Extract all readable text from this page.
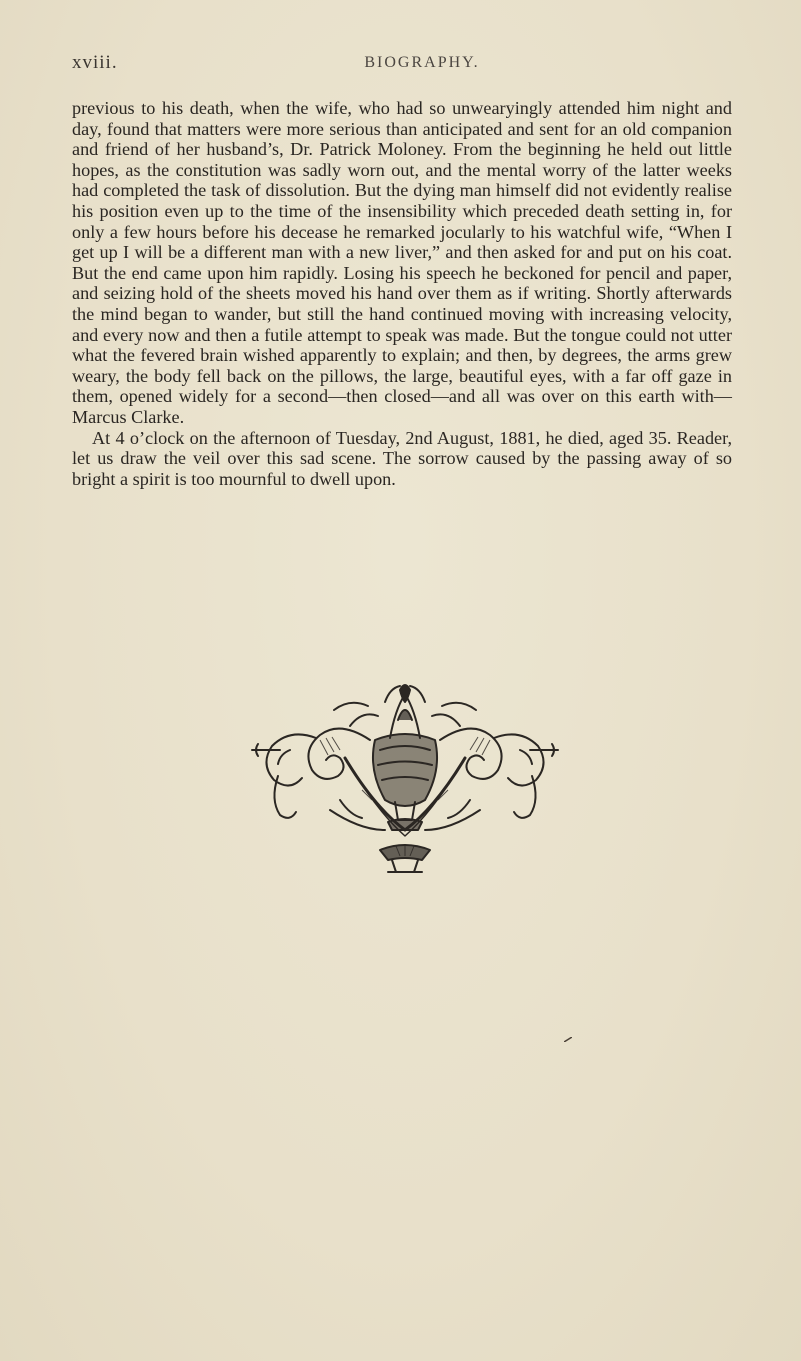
xviii.	BIOGRAPHY.

previous to his death, when the wife, who had so unwearyingly attended him night and day, found that matters were more serious than anticipated and sent for an old companion and friend of her husband’s, Dr. Patrick Moloney. From the beginning he held out little hopes, as the constitution was sadly worn out, and the mental worry of the latter weeks had completed the task of dissolution. But the dying man himself did not evidently realise his position even up to the time of the insensibility which preceded death setting in, for only a few hours before his decease he remarked jocularly to his watchful wife, “When I get up I will be a different man with a new liver,” and then asked for and put on his coat. But the end came upon him rapidly. Losing his speech he beckoned for pencil and paper, and seizing hold of the sheets moved his hand over them as if writing. Shortly afterwards the mind began to wander, but still the hand continued moving with increasing velocity, and every now and then a futile attempt to speak was made. But the tongue could not utter what the fevered brain wished apparently to explain; and then, by degrees, the arms grew weary, the body fell back on the pillows, the large, beautiful eyes, with a far off gaze in them, opened widely for a second—then closed—and all was over on this earth with—Marcus Clarke.

At 4 o’clock on the afternoon of Tuesday, 2nd August, 1881, he died, aged 35. Reader, let us draw the veil over this sad scene. The sorrow caused by the passing away of so bright a spirit is too mournful to dwell upon.
